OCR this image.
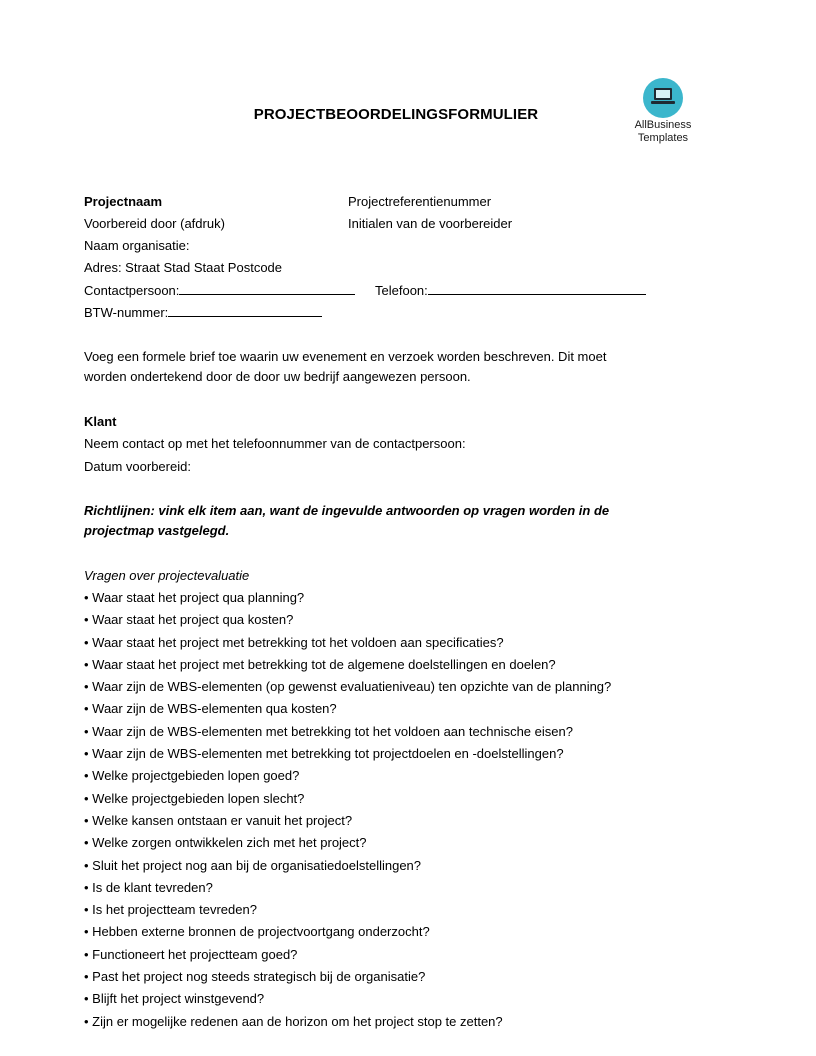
PROJECTBEOORDELINGSFORMULIER
AllBusiness
Templates
Projectnaam	Projectreferentienummer
Voorbereid door (afdruk)	Initialen van de voorbereider
Naam organisatie:
Adres: Straat Stad Staat Postcode
Contactpersoon:	Telefoon:
BTW-nummer:
Voeg een formele brief toe waarin uw evenement en verzoek worden beschreven. Dit moet worden ondertekend door de door uw bedrijf aangewezen persoon.
Klant
Neem contact op met het telefoonnummer van de contactpersoon:
Datum voorbereid:
Richtlijnen: vink elk item aan, want de ingevulde antwoorden op vragen worden in de projectmap vastgelegd.
Vragen over projectevaluatie
• Waar staat het project qua planning?
• Waar staat het project qua kosten?
• Waar staat het project met betrekking tot het voldoen aan specificaties?
• Waar staat het project met betrekking tot de algemene doelstellingen en doelen?
• Waar zijn de WBS-elementen (op gewenst evaluatieniveau) ten opzichte van de planning?
• Waar zijn de WBS-elementen qua kosten?
• Waar zijn de WBS-elementen met betrekking tot het voldoen aan technische eisen?
• Waar zijn de WBS-elementen met betrekking tot projectdoelen en -doelstellingen?
• Welke projectgebieden lopen goed?
• Welke projectgebieden lopen slecht?
• Welke kansen ontstaan er vanuit het project?
• Welke zorgen ontwikkelen zich met het project?
• Sluit het project nog aan bij de organisatiedoelstellingen?
• Is de klant tevreden?
• Is het projectteam tevreden?
• Hebben externe bronnen de projectvoortgang onderzocht?
• Functioneert het projectteam goed?
• Past het project nog steeds strategisch bij de organisatie?
• Blijft het project winstgevend?
• Zijn er mogelijke redenen aan de horizon om het project stop te zetten?
